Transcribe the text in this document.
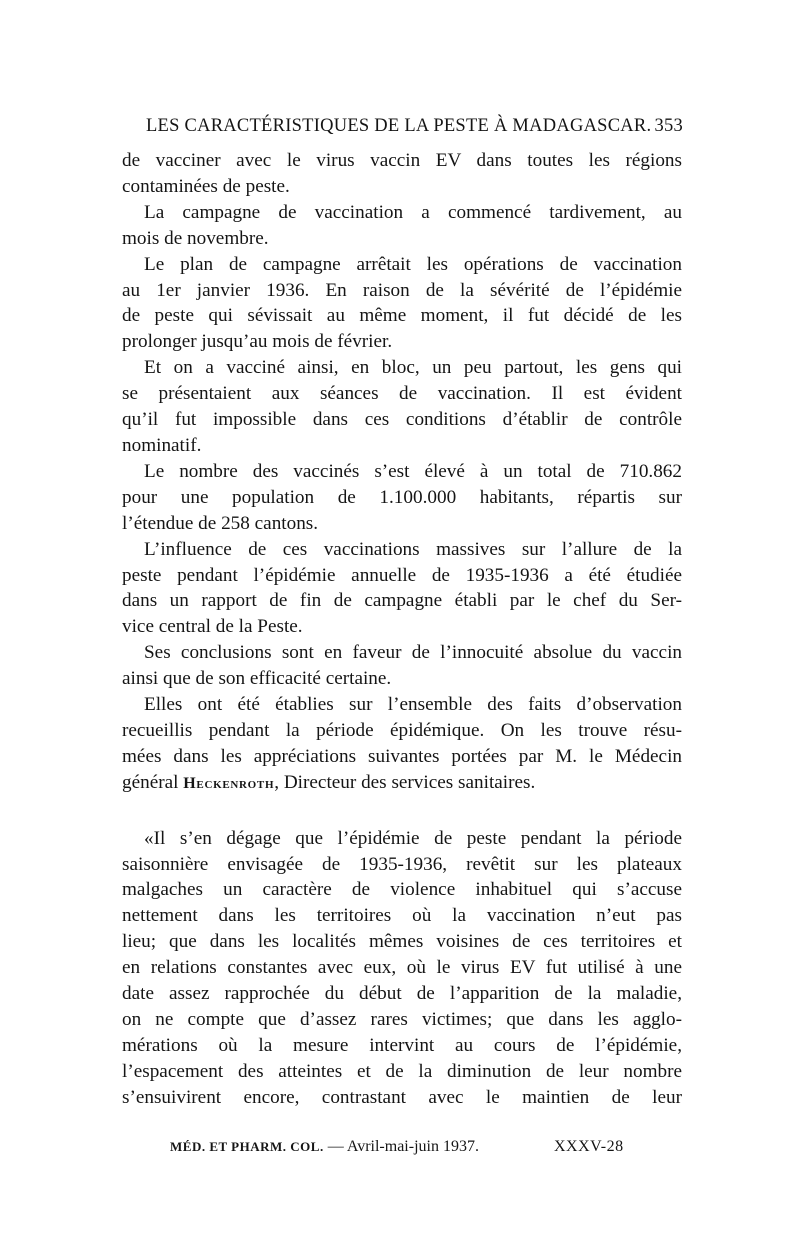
LES CARACTÉRISTIQUES DE LA PESTE À MADAGASCAR. 353
de vacciner avec le virus vaccin EV dans toutes les régions
contaminées de peste.
La campagne de vaccination a commencé tardivement, au
mois de novembre.
Le plan de campagne arrêtait les opérations de vaccination
au 1er janvier 1936. En raison de la sévérité de l’épidémie
de peste qui sévissait au même moment, il fut décidé de les
prolonger jusqu’au mois de février.
Et on a vacciné ainsi, en bloc, un peu partout, les gens qui
se présentaient aux séances de vaccination. Il est évident
qu’il fut impossible dans ces conditions d’établir de contrôle
nominatif.
Le nombre des vaccinés s’est élevé à un total de 710.862
pour une population de 1.100.000 habitants, répartis sur
l’étendue de 258 cantons.
L’influence de ces vaccinations massives sur l’allure de la
peste pendant l’épidémie annuelle de 1935-1936 a été étudiée
dans un rapport de fin de campagne établi par le chef du Ser-
vice central de la Peste.
Ses conclusions sont en faveur de l’innocuité absolue du vaccin
ainsi que de son efficacité certaine.
Elles ont été établies sur l’ensemble des faits d’observation
recueillis pendant la période épidémique. On les trouve résu-
mées dans les appréciations suivantes portées par M. le Médecin
général Heckenroth, Directeur des services sanitaires.
«Il s’en dégage que l’épidémie de peste pendant la période
saisonnière envisagée de 1935-1936, revêtit sur les plateaux
malgaches un caractère de violence inhabituel qui s’accuse
nettement dans les territoires où la vaccination n’eut pas
lieu; que dans les localités mêmes voisines de ces territoires et
en relations constantes avec eux, où le virus EV fut utilisé à une
date assez rapprochée du début de l’apparition de la maladie,
on ne compte que d’assez rares victimes; que dans les agglo-
mérations où la mesure intervint au cours de l’épidémie,
l’espacement des atteintes et de la diminution de leur nombre
s’ensuivirent encore, contrastant avec le maintien de leur
MÉD. ET PHARM. COL. — Avril-mai-juin 1937.	XXXV-28
